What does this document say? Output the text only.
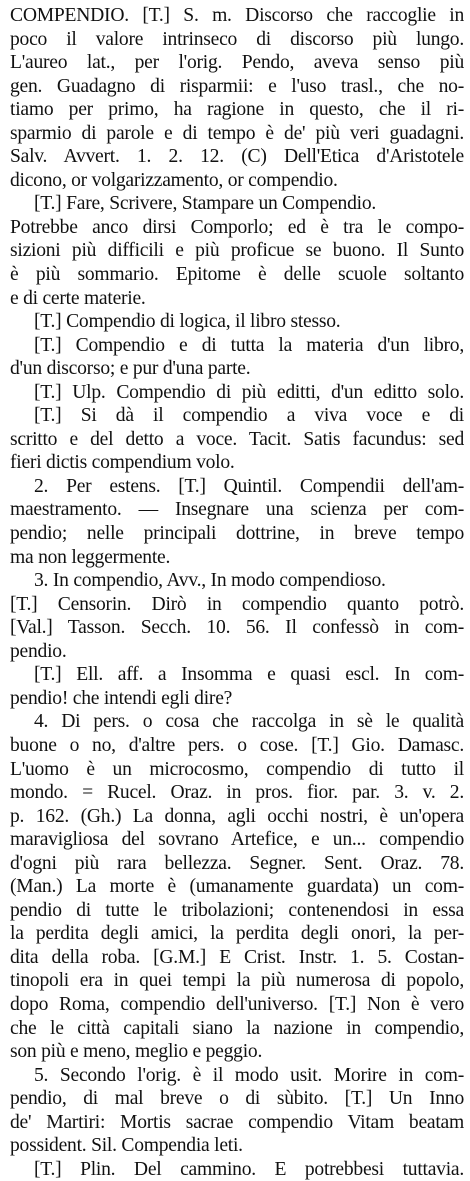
COMPENDIO. [T.] S. m. Discorso che raccoglie in
poco il valore intrinseco di discorso più lungo.
L'aureo lat., per l'orig. Pendo, aveva senso più
gen. Guadagno di risparmii: e l'uso trasl., che no-
tiamo per primo, ha ragione in questo, che il ri-
sparmio di parole e di tempo è de' più veri guadagni.
Salv. Avvert. 1. 2. 12. (C) Dell'Etica d'Aristotele
dicono, or volgarizzamento, or compendio.
[T.] Fare, Scrivere, Stampare un Compendio.
Potrebbe anco dirsi Comporlo; ed è tra le compo-
sizioni più difficili e più proficue se buono. Il Sunto
è più sommario. Epitome è delle scuole soltanto
e di certe materie.
[T.] Compendio di logica, il libro stesso.
[T.] Compendio e di tutta la materia d'un libro,
d'un discorso; e pur d'una parte.
[T.] Ulp. Compendio di più editti, d'un editto solo.
[T.] Si dà il compendio a viva voce e di
scritto e del detto a voce. Tacit. Satis facundus: sed
fieri dictis compendium volo.
2. Per estens. [T.] Quintil. Compendii dell'am-
maestramento. — Insegnare una scienza per com-
pendio; nelle principali dottrine, in breve tempo
ma non leggermente.
3. In compendio, Avv., In modo compendioso.
[T.] Censorin. Dirò in compendio quanto potrò.
[Val.] Tasson. Secch. 10. 56. Il confessò in com-
pendio.
[T.] Ell. aff. a Insomma e quasi escl. In com-
pendio! che intendi egli dire?
4. Di pers. o cosa che raccolga in sè le qualità
buone o no, d'altre pers. o cose. [T.] Gio. Damasc.
L'uomo è un microcosmo, compendio di tutto il
mondo. = Rucel. Oraz. in pros. fior. par. 3. v. 2.
p. 162. (Gh.) La donna, agli occhi nostri, è un'opera
maravigliosa del sovrano Artefice, e un... compendio
d'ogni più rara bellezza. Segner. Sent. Oraz. 78.
(Man.) La morte è (umanamente guardata) un com-
pendio di tutte le tribolazioni; contenendosi in essa
la perdita degli amici, la perdita degli onori, la per-
dita della roba. [G.M.] E Crist. Instr. 1. 5. Costan-
tinopoli era in quei tempi la più numerosa di popolo,
dopo Roma, compendio dell'universo. [T.] Non è vero
che le città capitali siano la nazione in compendio,
son più e meno, meglio e peggio.
5. Secondo l'orig. è il modo usit. Morire in com-
pendio, di mal breve o di sùbito. [T.] Un Inno
de' Martiri: Mortis sacrae compendio Vitam beatam
possident. Sil. Compendia leti.
[T.] Plin. Del cammino. E potrebbesi tuttavia.
